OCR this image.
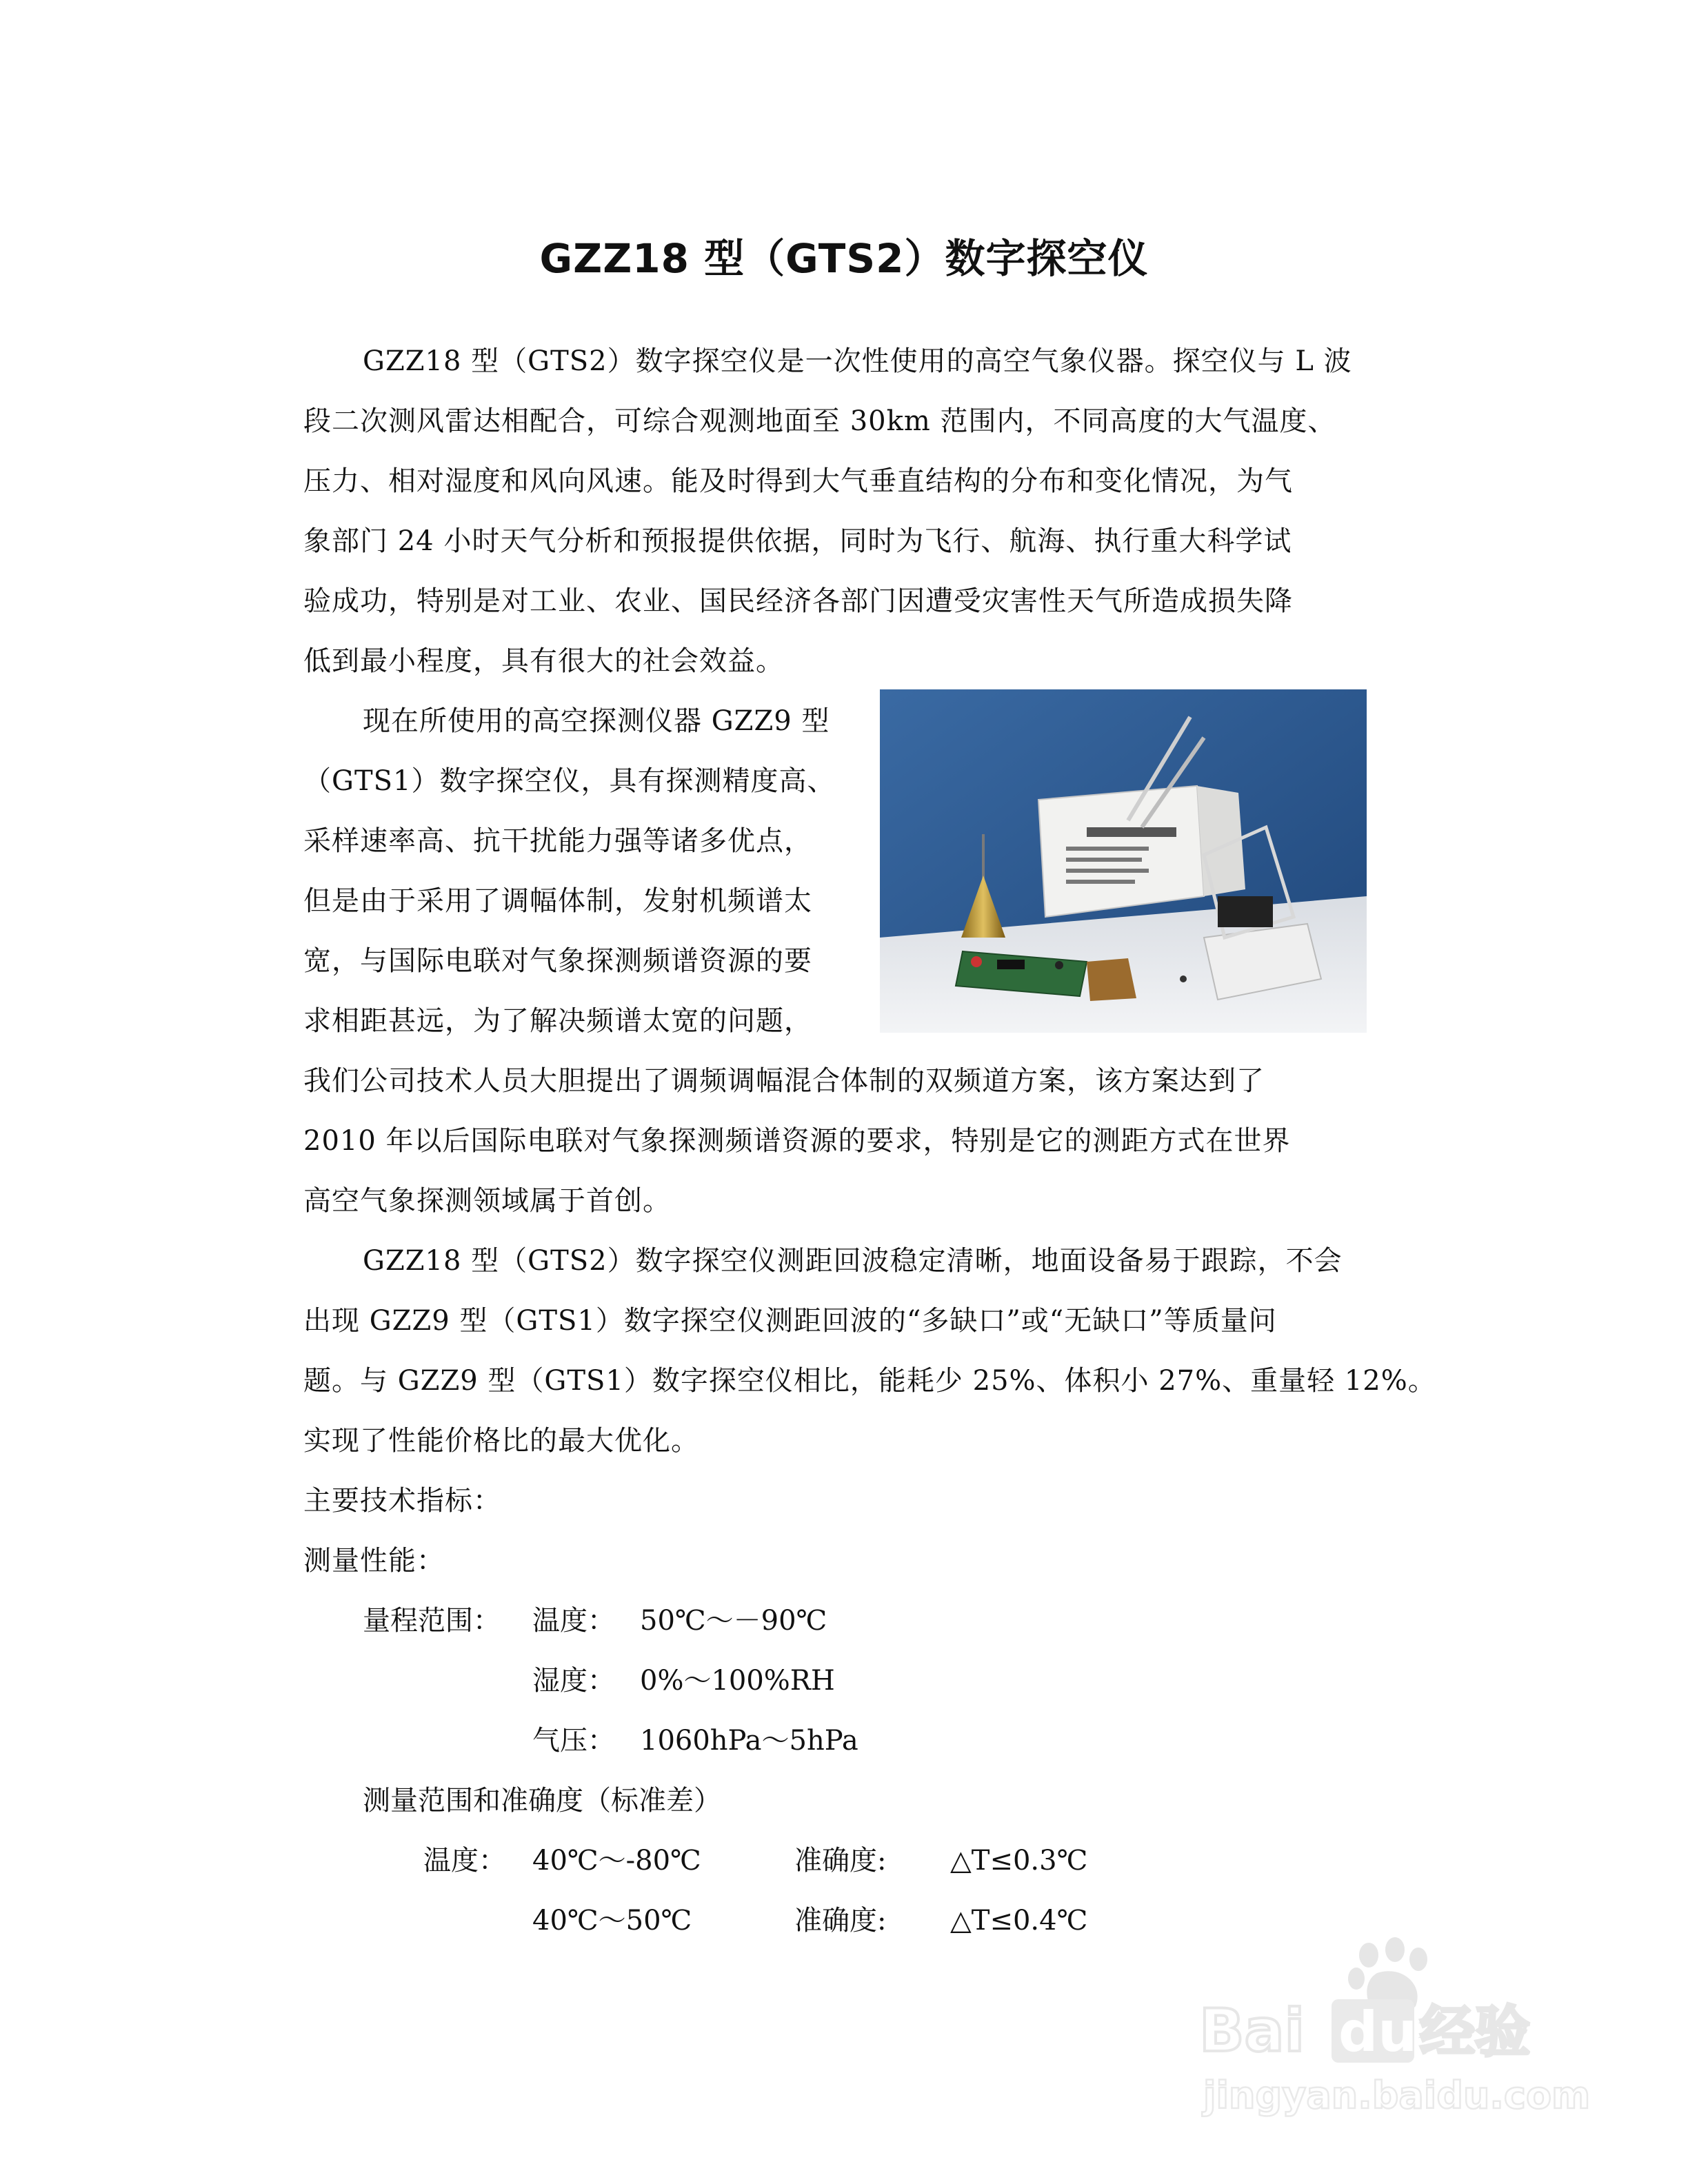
GZZ18 型（GTS2）数字探空仪
GZZ18 型（GTS2）数字探空仪是一次性使用的高空气象仪器。探空仪与 L 波
段二次测风雷达相配合，可综合观测地面至 30km 范围内，不同高度的大气温度、
压力、相对湿度和风向风速。能及时得到大气垂直结构的分布和变化情况，为气
象部门 24 小时天气分析和预报提供依据，同时为飞行、航海、执行重大科学试
验成功，特别是对工业、农业、国民经济各部门因遭受灾害性天气所造成损失降
低到最小程度，具有很大的社会效益。
现在所使用的高空探测仪器 GZZ9 型
（GTS1）数字探空仪，具有探测精度高、
采样速率高、抗干扰能力强等诸多优点，
但是由于采用了调幅体制，发射机频谱太
宽，与国际电联对气象探测频谱资源的要
求相距甚远，为了解决频谱太宽的问题，
我们公司技术人员大胆提出了调频调幅混合体制的双频道方案，该方案达到了
2010 年以后国际电联对气象探测频谱资源的要求，特别是它的测距方式在世界
高空气象探测领域属于首创。
GZZ18 型（GTS2）数字探空仪测距回波稳定清晰，地面设备易于跟踪，不会
出现 GZZ9 型（GTS1）数字探空仪测距回波的“多缺口”或“无缺口”等质量问
题。与 GZZ9 型（GTS1）数字探空仪相比，能耗少 25%、体积小 27%、重量轻 12%。
实现了性能价格比的最大优化。
主要技术指标：
测量性能：
量程范围： 温度： 50℃～－90℃
湿度： 0%～100%RH
气压： 1060hPa～5hPa
测量范围和准确度（标准差）
温度： 40℃～-80℃	准确度: △T≤0.3℃
40℃～50℃	准确度: △T≤0.4℃
Bai du 经验
jingyan.baidu.com
